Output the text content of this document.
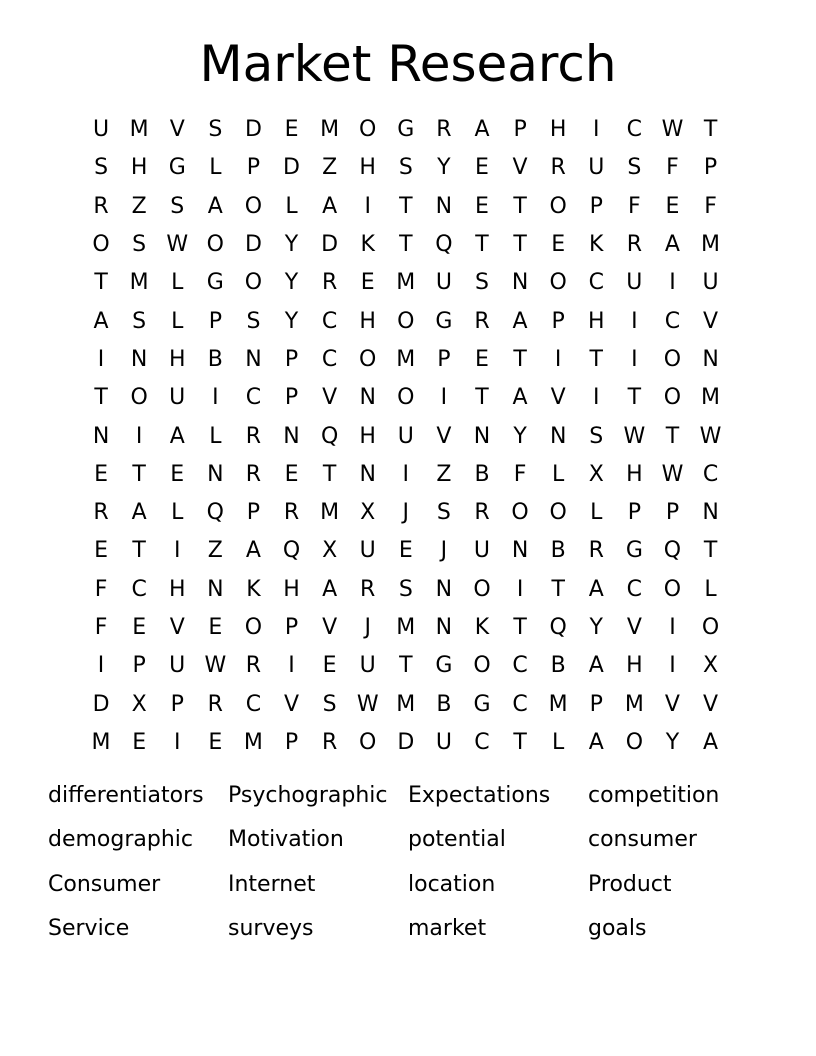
Market Research
U M V	S	D	E M O G R	A	P	H	I	C W T
S	H G	L	P	D	Z	H	S	Y	E	V	R	U	S	F	P
R	Z	S	A O	L	A	I	T	N	E	T	O	P	F	E	F
O	S W O D	Y	D	K	T	Q	T	T	E	K	R	A M
T M	L	G O	Y	R	E M U	S	N O C	U	I	U
A	S	L	P	S	Y	C	H O G R	A	P	H	I	C	V
I	N H	B	N	P	C O M P	E	T	I	T	I	O N
T	O U	I	C	P	V	N O	I	T	A	V	I	T	O M
N	I	A	L	R	N Q H U	V	N	Y	N	S W T W
E	T	E	N	R	E	T	N	I	Z	B	F	L	X	H W C
R	A	L	Q	P	R M X	J	S	R O O	L	P	P	N
E	T	I	Z	A Q X	U	E	J	U N	B	R G Q	T
F	C	H N	K	H	A	R	S	N O	I	T	A	C O	L
F	E	V	E	O	P	V	J	M N	K	T	Q	Y	V	I	O
I	P	U W R	I	E	U	T	G O C	B	A	H	I	X
D	X	P	R	C	V	S W M B	G C M P M V	V
M E	I	E M P	R O D U	C	T	L	A O	Y	A
differentiators	Psychographic Expectations	competition
demographic	Motivation	potential	consumer
Consumer	Internet	location	Product
Service	surveys	market	goals
